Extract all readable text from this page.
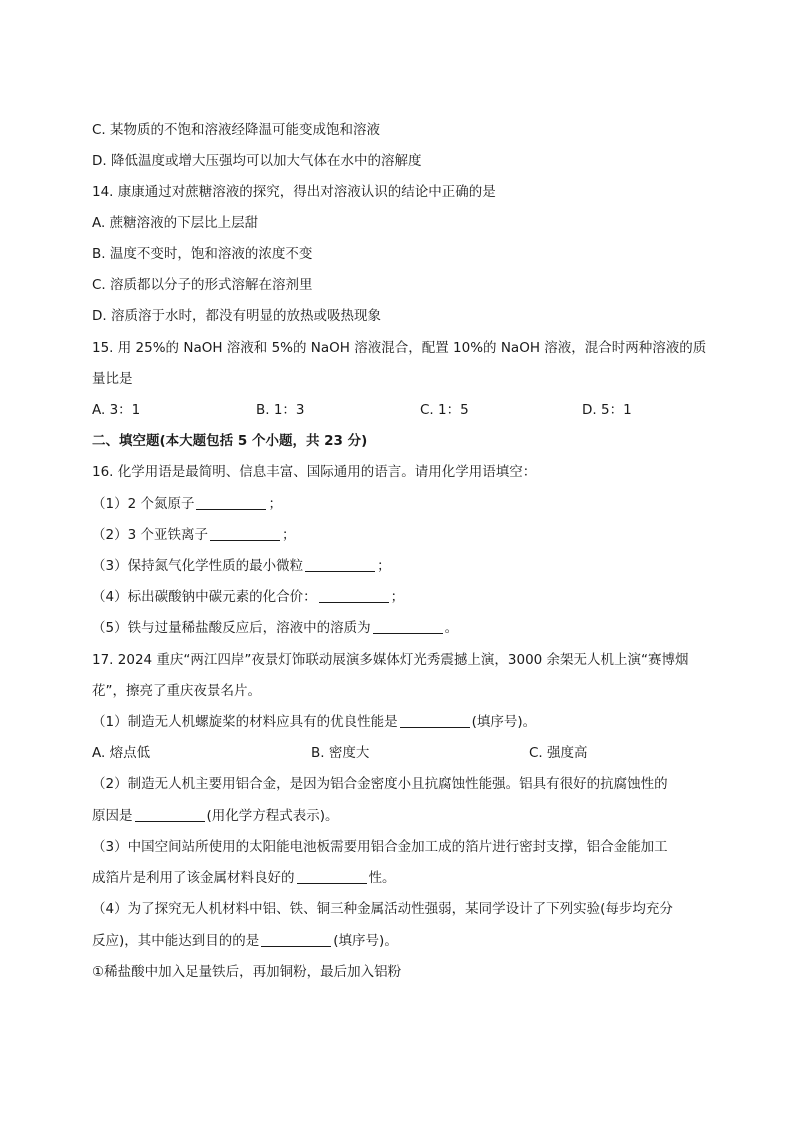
C. 某物质的不饱和溶液经降温可能变成饱和溶液
D. 降低温度或增大压强均可以加大气体在水中的溶解度
14. 康康通过对蔗糖溶液的探究，得出对溶液认识的结论中正确的是
A. 蔗糖溶液的下层比上层甜
B. 温度不变时，饱和溶液的浓度不变
C. 溶质都以分子的形式溶解在溶剂里
D. 溶质溶于水时，都没有明显的放热或吸热现象
15. 用 25%的 NaOH 溶液和 5%的 NaOH 溶液混合，配置 10%的 NaOH 溶液，混合时两种溶液的质
量比是
A. 3：1	B. 1：3	C. 1：5	D. 5：1
二、填空题(本大题包括 5 个小题，共 23 分)
16. 化学用语是最简明、信息丰富、国际通用的语言。请用化学用语填空：
（1）2 个氮原子	；
（2）3 个亚铁离子	；
（3）保持氮气化学性质的最小微粒	；
（4）标出碳酸钠中碳元素的化合价：	；
（5）铁与过量稀盐酸反应后，溶液中的溶质为	。
17. 2024 重庆“两江四岸”夜景灯饰联动展演多媒体灯光秀震撼上演，3000 余架无人机上演“赛博烟
花”，擦亮了重庆夜景名片。
（1）制造无人机螺旋桨的材料应具有的优良性能是	(填序号)。
A. 熔点低	B. 密度大	C. 强度高
（2）制造无人机主要用铝合金，是因为铝合金密度小且抗腐蚀性能强。铝具有很好的抗腐蚀性的
原因是	(用化学方程式表示)。
（3）中国空间站所使用的太阳能电池板需要用铝合金加工成的箔片进行密封支撑，铝合金能加工
成箔片是利用了该金属材料良好的	性。
（4）为了探究无人机材料中铝、铁、铜三种金属活动性强弱，某同学设计了下列实验(每步均充分
反应)，其中能达到目的的是	(填序号)。
①稀盐酸中加入足量铁后，再加铜粉，最后加入铝粉
